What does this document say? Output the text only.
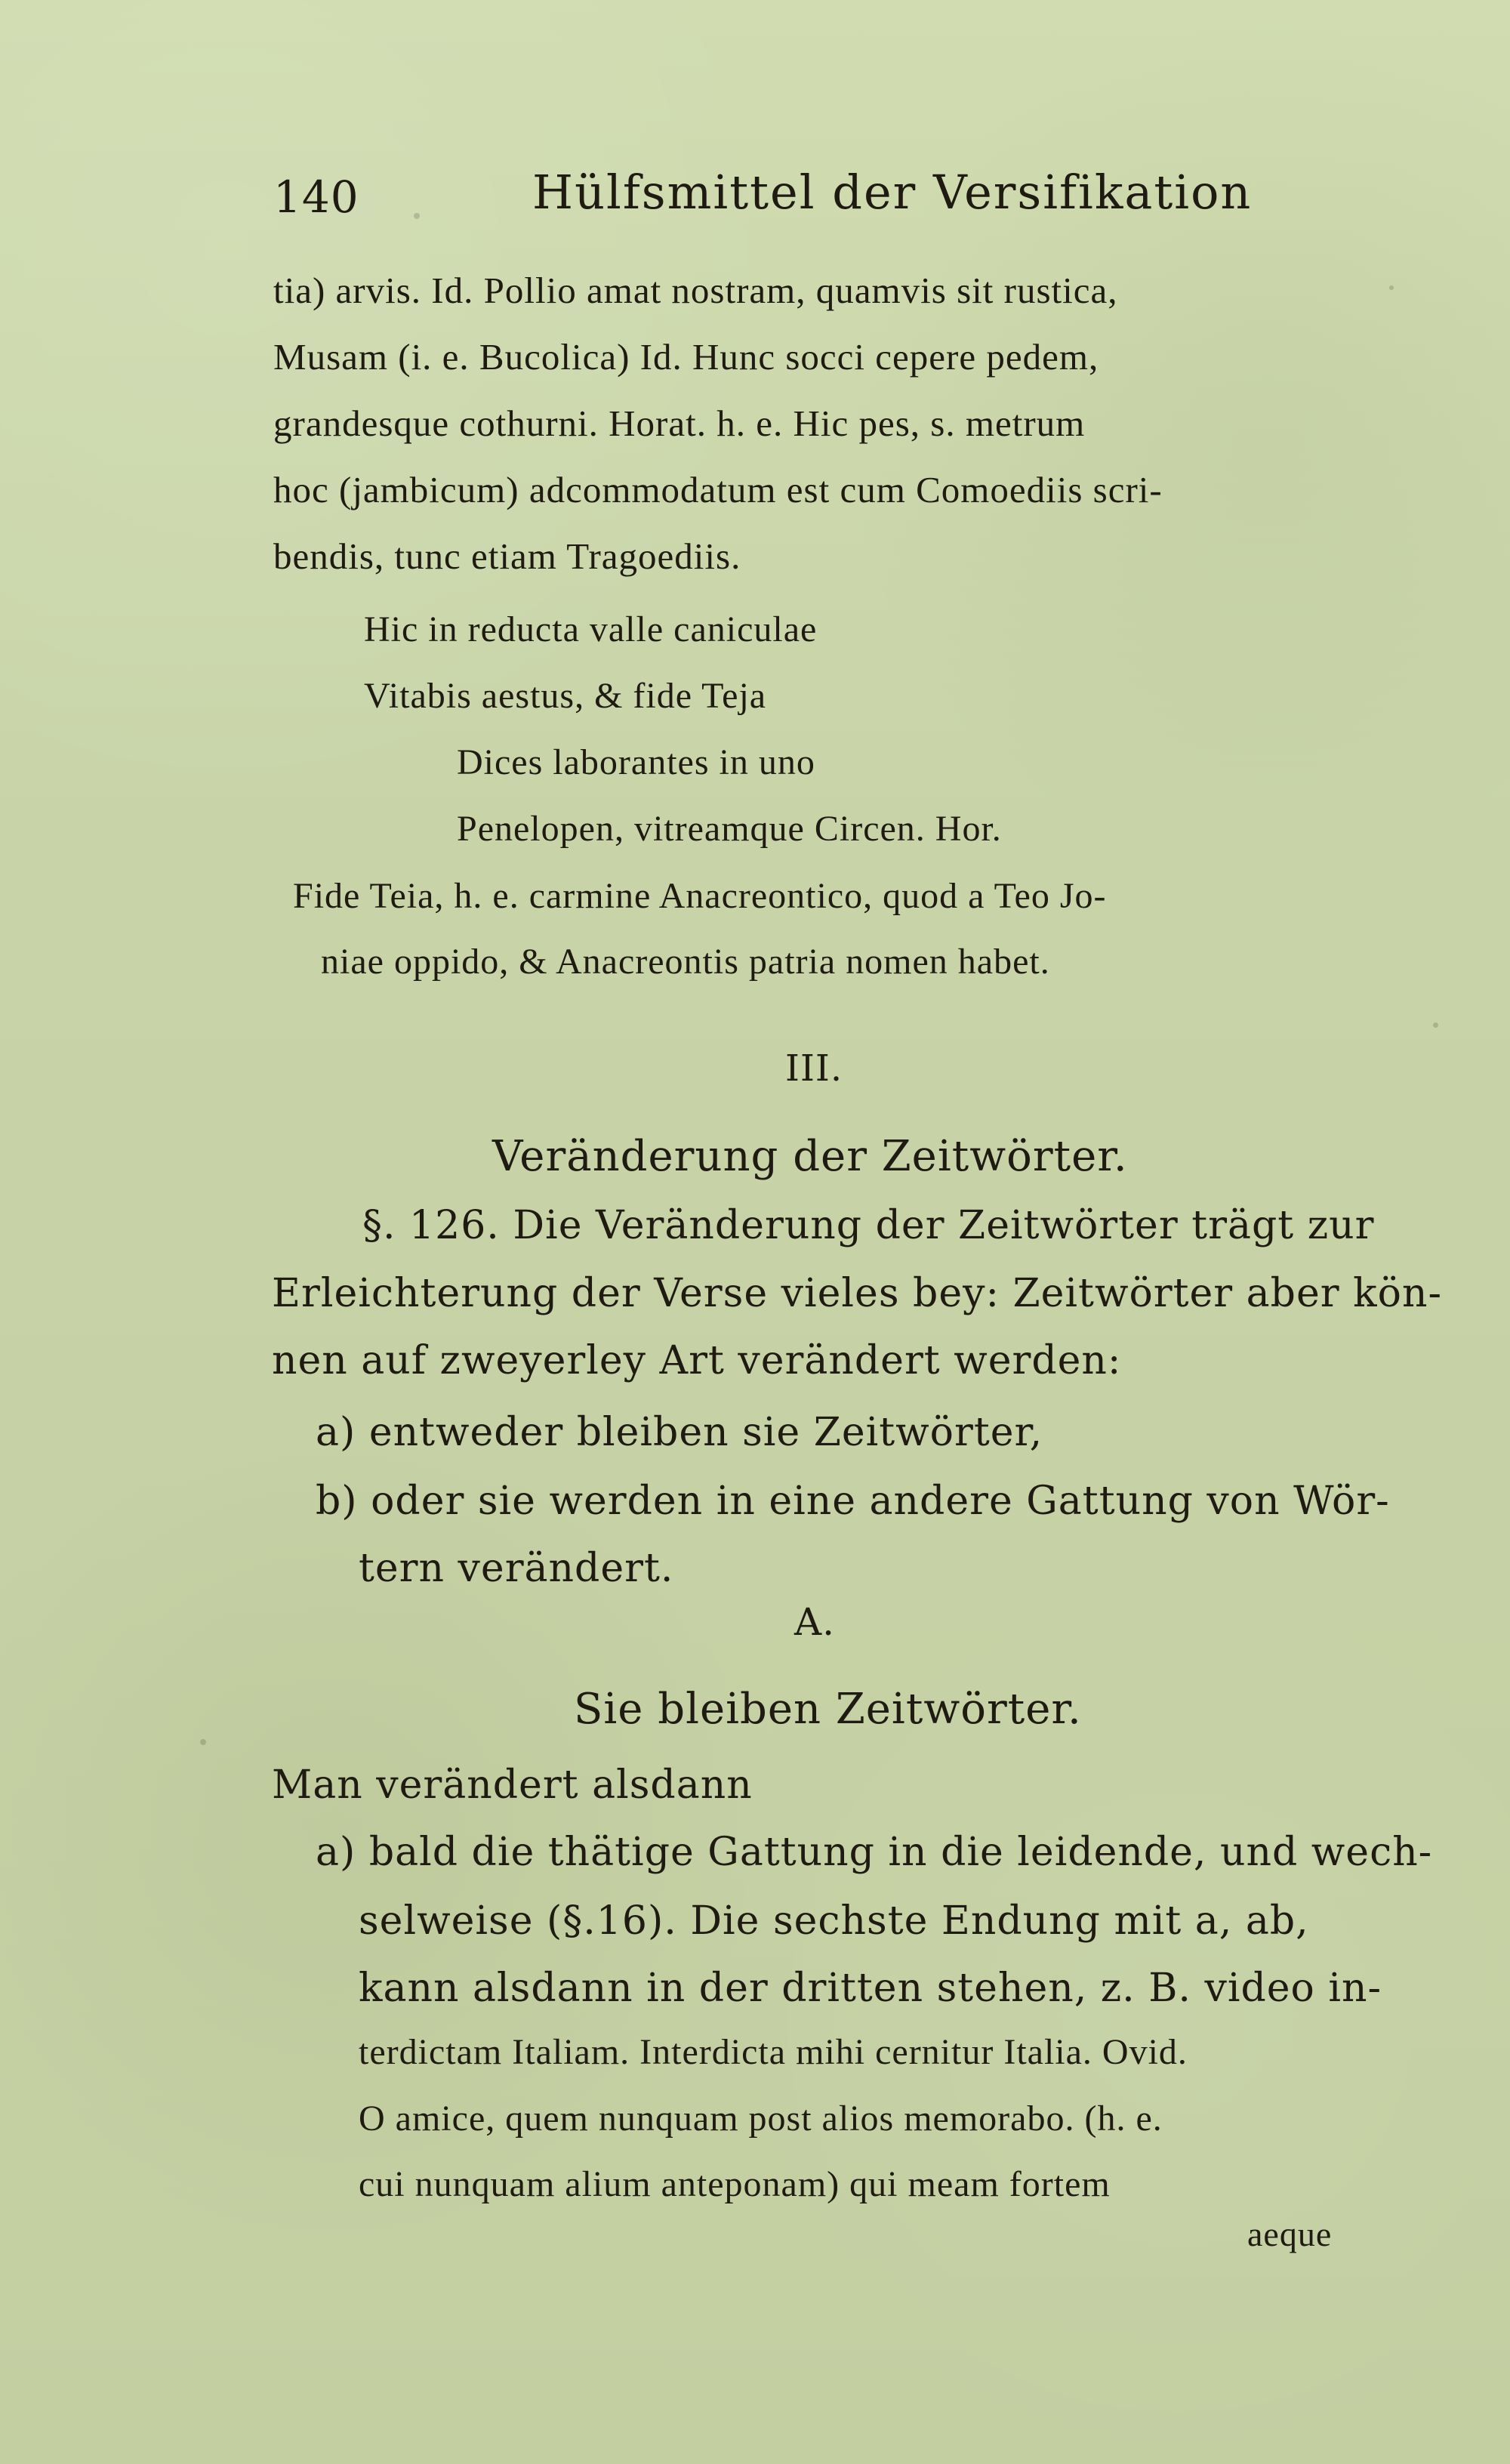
140	Hülfsmittel der Versifikation
tia) arvis. Id. Pollio amat nostram, quamvis sit rustica,
Musam (i. e. Bucolica) Id. Hunc socci cepere pedem,
grandesque cothurni. Horat. h. e. Hic pes, s. metrum
hoc (jambicum) adcommodatum est cum Comoediis scri-
bendis, tunc etiam Tragoediis.
Hic in reducta valle caniculae
Vitabis aestus, & fide Teja
Dices laborantes in uno
Penelopen, vitreamque Circen. Hor.
Fide Teia, h. e. carmine Anacreontico, quod a Teo Jo-
niae oppido, & Anacreontis patria nomen habet.
III.
Veränderung der Zeitwörter.
§. 126. Die Veränderung der Zeitwörter trägt zur
Erleichterung der Verse vieles bey: Zeitwörter aber kön-
nen auf zweyerley Art verändert werden:
a) entweder bleiben sie Zeitwörter,
b) oder sie werden in eine andere Gattung von Wör-
tern verändert.
A.
Sie bleiben Zeitwörter.
Man verändert alsdann
a) bald die thätige Gattung in die leidende, und wech-
selweise (§.16). Die sechste Endung mit a, ab,
kann alsdann in der dritten stehen, z. B. video in-
terdictam Italiam. Interdicta mihi cernitur Italia. Ovid.
O amice, quem nunquam post alios memorabo. (h. e.
cui nunquam alium anteponam) qui meam fortem
aeque
